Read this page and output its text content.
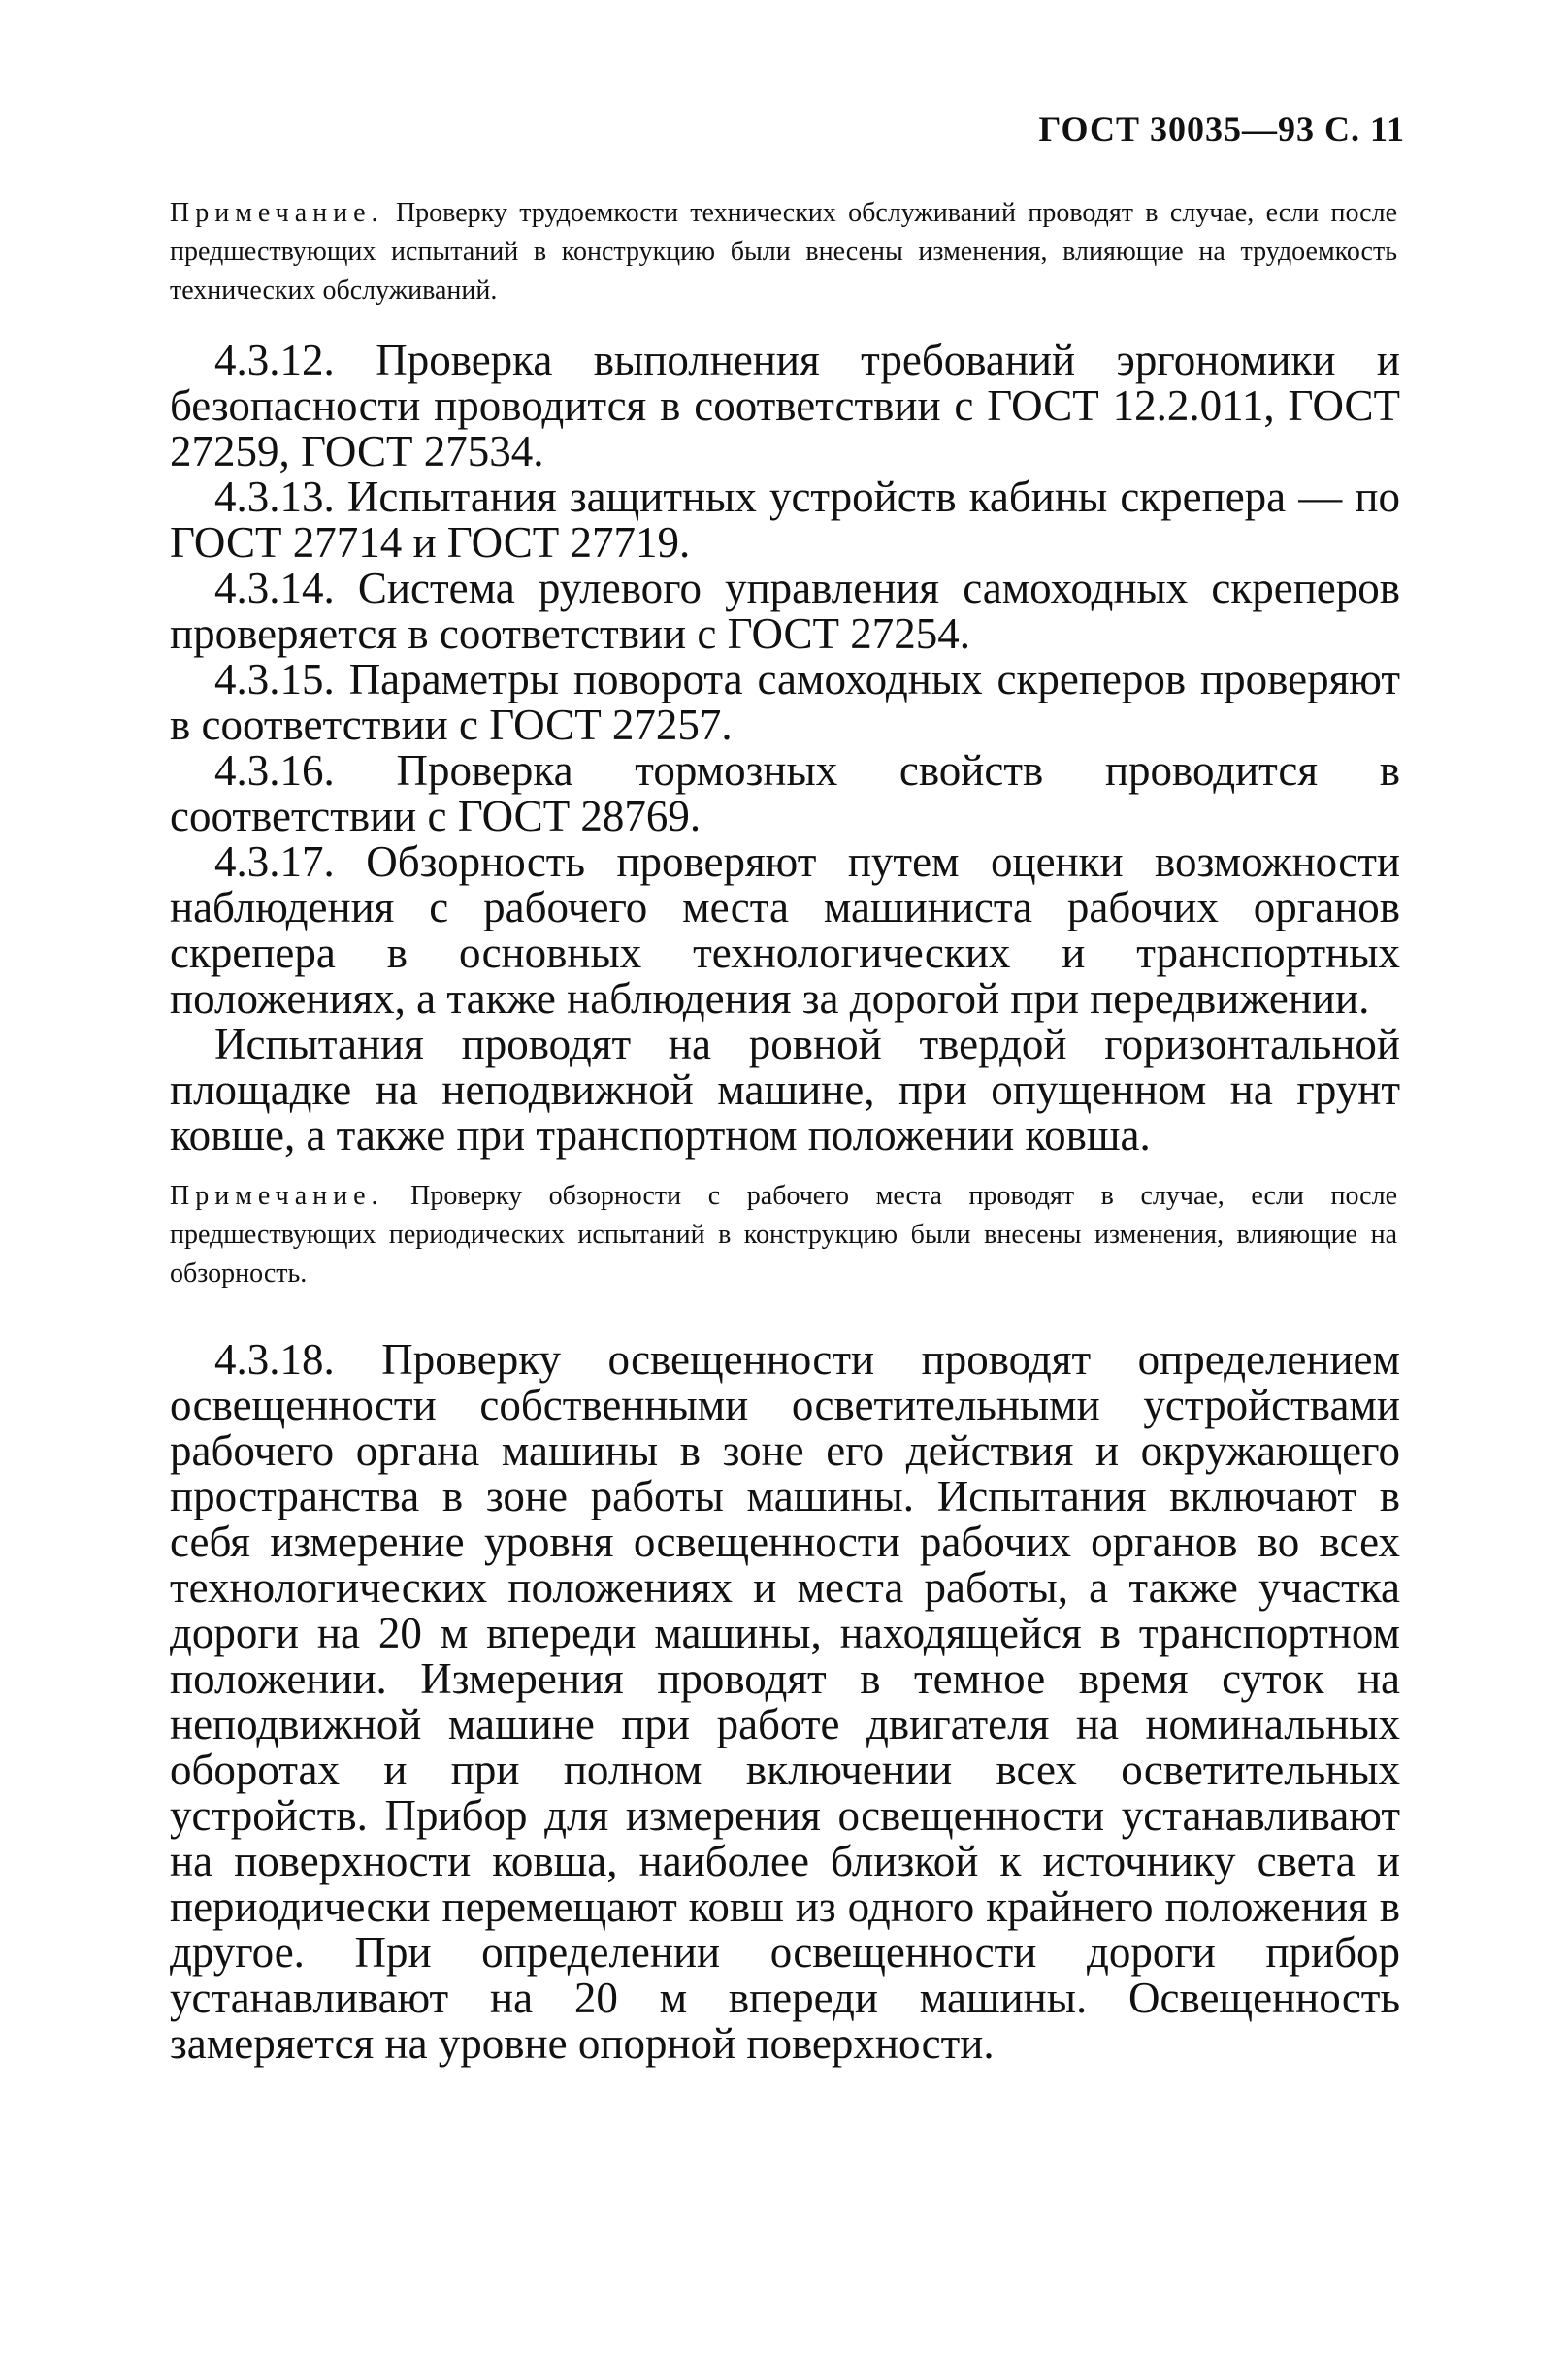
ГОСТ 30035—93 С. 11
Примечание. Проверку трудоемкости технических обслуживаний проводят в случае, если после предшествующих испытаний в конструкцию были внесены изменения, влияющие на трудоемкость технических обслуживаний.

4.3.12. Проверка выполнения требований эргономики и безопасности проводится в соответствии с ГОСТ 12.2.011, ГОСТ 27259, ГОСТ 27534.

4.3.13. Испытания защитных устройств кабины скрепера — по ГОСТ 27714 и ГОСТ 27719.

4.3.14. Система рулевого управления самоходных скреперов проверяется в соответствии с ГОСТ 27254.

4.3.15. Параметры поворота самоходных скреперов проверяют в соответствии с ГОСТ 27257.

4.3.16. Проверка тормозных свойств проводится в соответствии с ГОСТ 28769.

4.3.17. Обзорность проверяют путем оценки возможности наблюдения с рабочего места машиниста рабочих органов скрепера в основных технологических и транспортных положениях, а также наблюдения за дорогой при передвижении.

Испытания проводят на ровной твердой горизонтальной площадке на неподвижной машине, при опущенном на грунт ковше, а также при транспортном положении ковша.

Примечание. Проверку обзорности с рабочего места проводят в случае, если после предшествующих периодических испытаний в конструкцию были внесены изменения, влияющие на обзорность.

4.3.18. Проверку освещенности проводят определением освещенности собственными осветительными устройствами рабочего органа машины в зоне его действия и окружающего пространства в зоне работы машины. Испытания включают в себя измерение уровня освещенности рабочих органов во всех технологических положениях и места работы, а также участка дороги на 20 м впереди машины, находящейся в транспортном положении. Измерения проводят в темное время суток на неподвижной машине при работе двигателя на номинальных оборотах и при полном включении всех осветительных устройств. Прибор для измерения освещенности устанавливают на поверхности ковша, наиболее близкой к источнику света и периодически перемещают ковш из одного крайнего положения в другое. При определении освещенности дороги прибор устанавливают на 20 м впереди машины. Освещенность замеряется на уровне опорной поверхности.
